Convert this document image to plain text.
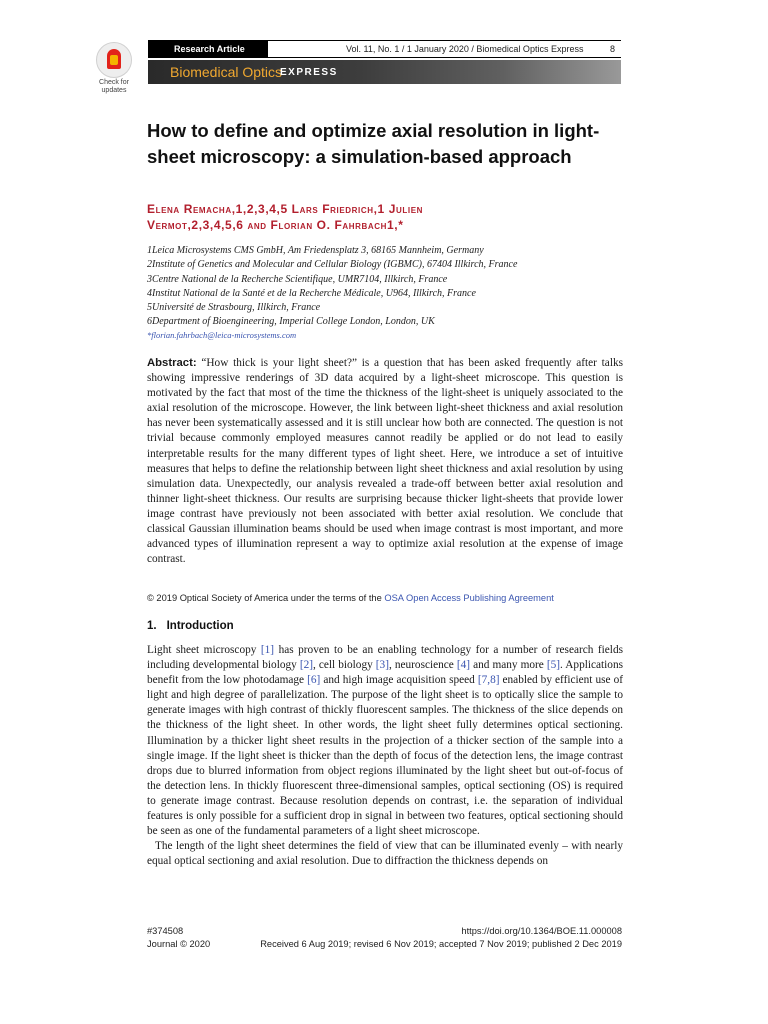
Check for updates
Research Article	Vol. 11, No. 1 / 1 January 2020 / Biomedical Optics Express	8
Biomedical Optics
EXPRESS
How to define and optimize axial resolution in light-sheet microscopy: a simulation-based approach
Elena Remacha,1,2,3,4,5 Lars Friedrich,1 Julien
Vermot,2,3,4,5,6 and Florian O. Fahrbach1,*
1Leica Microsystems CMS GmbH, Am Friedensplatz 3, 68165 Mannheim, Germany
2Institute of Genetics and Molecular and Cellular Biology (IGBMC), 67404 Illkirch, France
3Centre National de la Recherche Scientifique, UMR7104, Illkirch, France
4Institut National de la Santé et de la Recherche Médicale, U964, Illkirch, France
5Université de Strasbourg, Illkirch, France
6Department of Bioengineering, Imperial College London, London, UK
*florian.fahrbach@leica-microsystems.com
Abstract: “How thick is your light sheet?” is a question that has been asked frequently after talks showing impressive renderings of 3D data acquired by a light-sheet microscope. This question is motivated by the fact that most of the time the thickness of the light-sheet is uniquely associated to the axial resolution of the microscope. However, the link between light-sheet thickness and axial resolution has never been systematically assessed and it is still unclear how both are connected. The question is not trivial because commonly employed measures cannot readily be applied or do not lead to easily interpretable results for the many different types of light sheet. Here, we introduce a set of intuitive measures that helps to define the relationship between light sheet thickness and axial resolution by using simulation data. Unexpectedly, our analysis revealed a trade-off between better axial resolution and thinner light-sheet thickness. Our results are surprising because thicker light-sheets that provide lower image contrast have previously not been associated with better axial resolution. We conclude that classical Gaussian illumination beams should be used when image contrast is most important, and more advanced types of illumination represent a way to optimize axial resolution at the expense of image contrast.
© 2019 Optical Society of America under the terms of the OSA Open Access Publishing Agreement
1. Introduction

Light sheet microscopy [1] has proven to be an enabling technology for a number of research fields including developmental biology [2], cell biology [3], neuroscience [4] and many more [5]. Applications benefit from the low photodamage [6] and high image acquisition speed [7,8] enabled by efficient use of light and high degree of parallelization. The purpose of the light sheet is to optically slice the sample to generate images with high contrast of thickly fluorescent samples. The thickness of the slice depends on the thickness of the light sheet. In other words, the light sheet fully determines optical sectioning. Illumination by a thicker light sheet results in the projection of a thicker section of the sample into a single image. If the light sheet is thicker than the depth of focus of the detection lens, the image contrast drops due to blurred information from object regions illuminated by the light sheet but out-of-focus of the detection lens. In thickly fluorescent three-dimensional samples, optical sectioning (OS) is required to generate image contrast. Because resolution depends on contrast, i.e. the separation of individual features is only possible for a sufficient drop in signal in between two features, optical sectioning should be seen as one of the fundamental parameters of a light sheet microscope.

The length of the light sheet determines the field of view that can be illuminated evenly – with nearly equal optical sectioning and axial resolution. Due to diffraction the thickness depends on

#374508
Journal © 2020
https://doi.org/10.1364/BOE.11.000008
Received 6 Aug 2019; revised 6 Nov 2019; accepted 7 Nov 2019; published 2 Dec 2019
